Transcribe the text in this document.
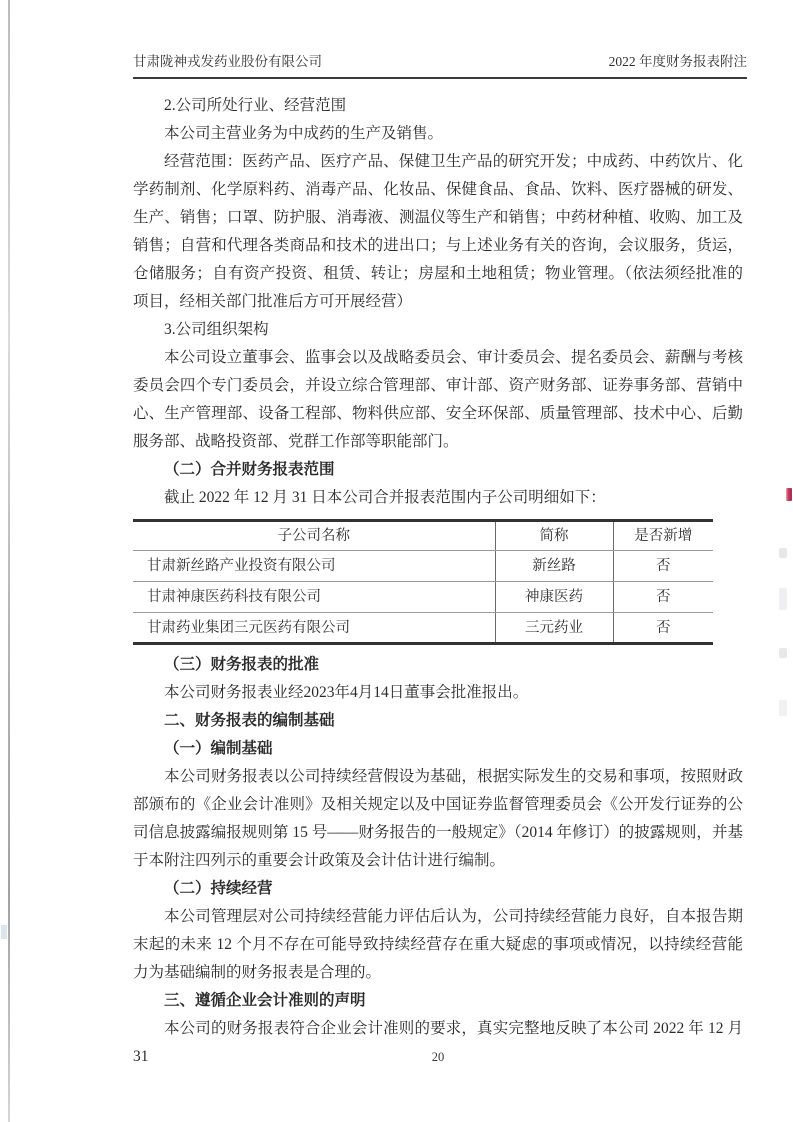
甘肃陇神戎发药业股份有限公司	2022 年度财务报表附注

2.公司所处行业、经营范围

本公司主营业务为中成药的生产及销售。

经营范围：医药产品、医疗产品、保健卫生产品的研究开发；中成药、中药饮片、化学药制剂、化学原料药、消毒产品、化妆品、保健食品、食品、饮料、医疗器械的研发、生产、销售；口罩、防护服、消毒液、测温仪等生产和销售；中药材种植、收购、加工及销售；自营和代理各类商品和技术的进出口；与上述业务有关的咨询，会议服务，货运，仓储服务；自有资产投资、租赁、转让；房屋和土地租赁；物业管理。（依法须经批准的项目，经相关部门批准后方可开展经营）

3.公司组织架构

本公司设立董事会、监事会以及战略委员会、审计委员会、提名委员会、薪酬与考核委员会四个专门委员会，并设立综合管理部、审计部、资产财务部、证券事务部、营销中心、生产管理部、设备工程部、物料供应部、安全环保部、质量管理部、技术中心、后勤服务部、战略投资部、党群工作部等职能部门。

（二）合并财务报表范围

截止 2022 年 12 月 31 日本公司合并报表范围内子公司明细如下：

子公司名称	简称	是否新增
甘肃新丝路产业投资有限公司	新丝路	否
甘肃神康医药科技有限公司	神康医药	否
甘肃药业集团三元医药有限公司	三元药业	否

（三）财务报表的批准

本公司财务报表业经2023年4月14日董事会批准报出。

二、财务报表的编制基础

（一）编制基础

本公司财务报表以公司持续经营假设为基础，根据实际发生的交易和事项，按照财政部颁布的《企业会计准则》及相关规定以及中国证券监督管理委员会《公开发行证券的公司信息披露编报规则第 15 号——财务报告的一般规定》（2014 年修订）的披露规则，并基于本附注四列示的重要会计政策及会计估计进行编制。

（二）持续经营

本公司管理层对公司持续经营能力评估后认为，公司持续经营能力良好，自本报告期末起的未来 12 个月不存在可能导致持续经营存在重大疑虑的事项或情况，以持续经营能力为基础编制的财务报表是合理的。

三、遵循企业会计准则的声明

本公司的财务报表符合企业会计准则的要求，真实完整地反映了本公司 2022 年 12 月 31	20
